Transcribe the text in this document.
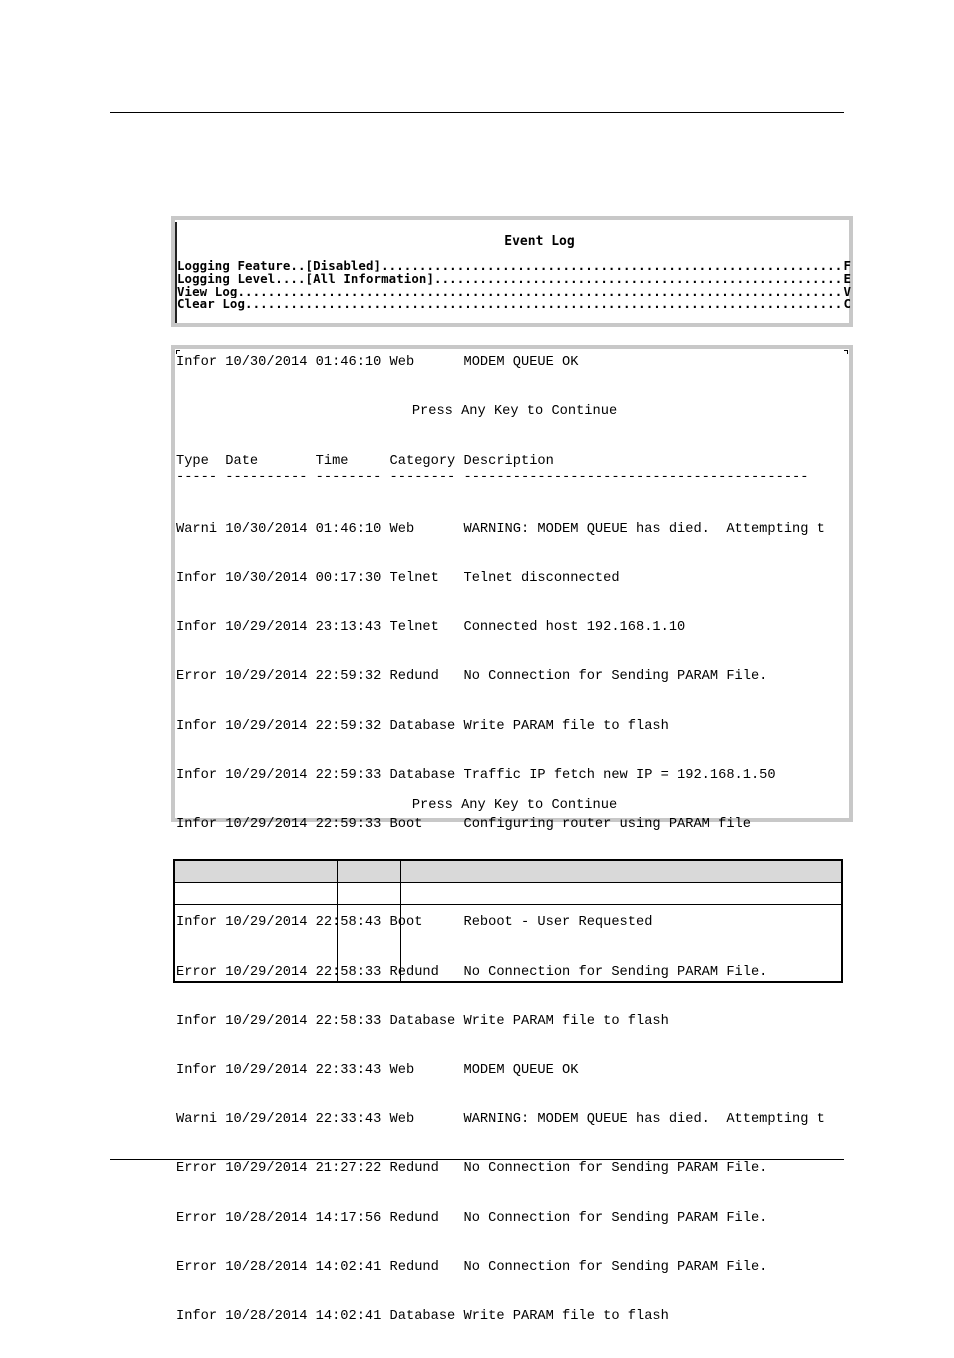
Event Log
Logging Feature..[Disabled] .....	F
Logging Level....[All Information] .....	E
View Log .....	V
Clear Log .....	C
Infor 10/30/2014 01:46:10 Web      MODEM QUEUE OK
Press Any Key to Continue
Type  Date       Time     Category Description
----- ---------- -------- -------- ------------------------------------------

Warni 10/30/2014 01:46:10 Web      WARNING: MODEM QUEUE has died.  Attempting t

Infor 10/30/2014 00:17:30 Telnet   Telnet disconnected

Infor 10/29/2014 23:13:43 Telnet   Connected host 192.168.1.10

Error 10/29/2014 22:59:32 Redund   No Connection for Sending PARAM File.

Infor 10/29/2014 22:59:32 Database Write PARAM file to flash

Infor 10/29/2014 22:59:33 Database Traffic IP fetch new IP = 192.168.1.50

Infor 10/29/2014 22:59:33 Boot     Configuring router using PARAM file

Infor 10/29/2014 22:58:43 Boot     Reboot - User Requested

Error 10/29/2014 22:58:33 Redund   No Connection for Sending PARAM File.

Infor 10/29/2014 22:58:33 Database Write PARAM file to flash

Infor 10/29/2014 22:33:43 Web      MODEM QUEUE OK

Warni 10/29/2014 22:33:43 Web      WARNING: MODEM QUEUE has died.  Attempting t

Error 10/29/2014 21:27:22 Redund   No Connection for Sending PARAM File.

Error 10/28/2014 14:17:56 Redund   No Connection for Sending PARAM File.

Error 10/28/2014 14:02:41 Redund   No Connection for Sending PARAM File.

Infor 10/28/2014 14:02:41 Database Write PARAM file to flash

Press Any Key to Continue
